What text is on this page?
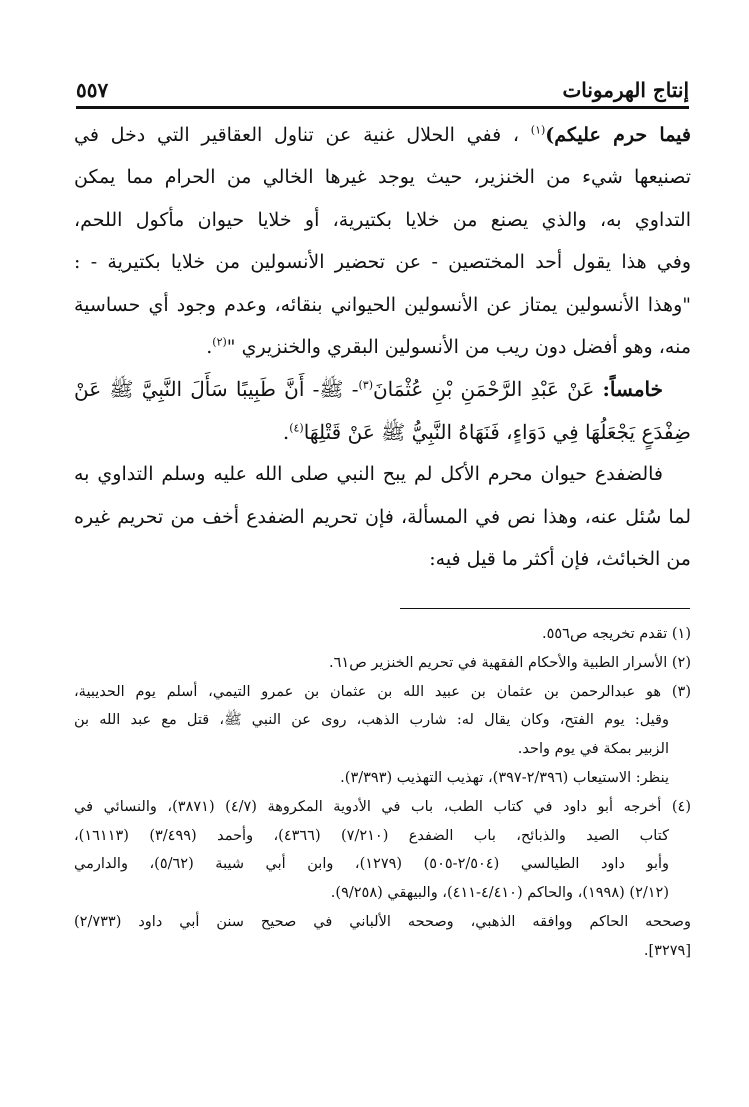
إنتاج الهرمونات
٥٥٧
فيما حرم عليكم)$^{(١)}$ ، ففي الحلال غنية عن تناول العقاقير التي دخل في
تصنيعها شيء من الخنزير، حيث يوجد غيرها الخالي من الحرام مما يمكن
التداوي به، والذي يصنع من خلايا بكتيرية، أو خلايا حيوان مأكول اللحم،
وفي هذا يقول أحد المختصين - عن تحضير الأنسولين من خلايا بكتيرية - :
"وهذا الأنسولين يمتاز عن الأنسولين الحيواني بنقائه، وعدم وجود أي حساسية
منه، وهو أفضل دون ريب من الأنسولين البقري والخنزيري "$^{(٢)}$.
خامساً: عَنْ عَبْدِ الرَّحْمَنِ بْنِ عُثْمَانَ$^{(٣)}$- ﷺ- أَنَّ طَبِيبًا سَأَلَ النَّبِيَّ ﷺ عَنْ
ضِفْدَعٍ يَجْعَلُهَا فِي دَوَاءٍ، فَنَهَاهُ النَّبِيُّ ﷺ عَنْ قَتْلِهَا$^{(٤)}$.
فالضفدع حيوان محرم الأكل لم يبح النبي صلى الله عليه وسلم التداوي به
لما سُئل عنه، وهذا نص في المسألة، فإن تحريم الضفدع أخف من تحريم غيره
من الخبائث، فإن أكثر ما قيل فيه:
(١) تقدم تخريجه ص٥٥٦.
(٢) الأسرار الطبية والأحكام الفقهية في تحريم الخنزير ص٦١.
(٣) هو عبدالرحمن بن عثمان بن عبيد الله بن عثمان بن عمرو التيمي، أسلم يوم الحديبية،
وقيل: يوم الفتح، وكان يقال له: شارب الذهب، روى عن النبي ﷺ، قتل مع عبد الله بن
الزبير بمكة في يوم واحد.
ينظر: الاستيعاب (٢/٣٩٦-٣٩٧)، تهذيب التهذيب (٣/٣٩٣).
(٤) أخرجه أبو داود في كتاب الطب، باب في الأدوية المكروهة (٤/٧) (٣٨٧١)، والنسائي في
كتاب الصيد والذبائح، باب الضفدع (٧/٢١٠) (٤٣٦٦)، وأحمد (٣/٤٩٩) (١٦١١٣)،
وأبو داود الطيالسي (٢/٥٠٤-٥٠٥) (١٢٧٩)، وابن أبي شيبة (٥/٦٢)، والدارمي
(٢/١٢) (١٩٩٨)، والحاكم (٤/٤١٠-٤١١)، والبيهقي (٩/٢٥٨).
وصححه الحاكم ووافقه الذهبي، وصححه الألباني في صحيح سنن أبي داود (٢/٧٣٣)
[٣٢٧٩].
